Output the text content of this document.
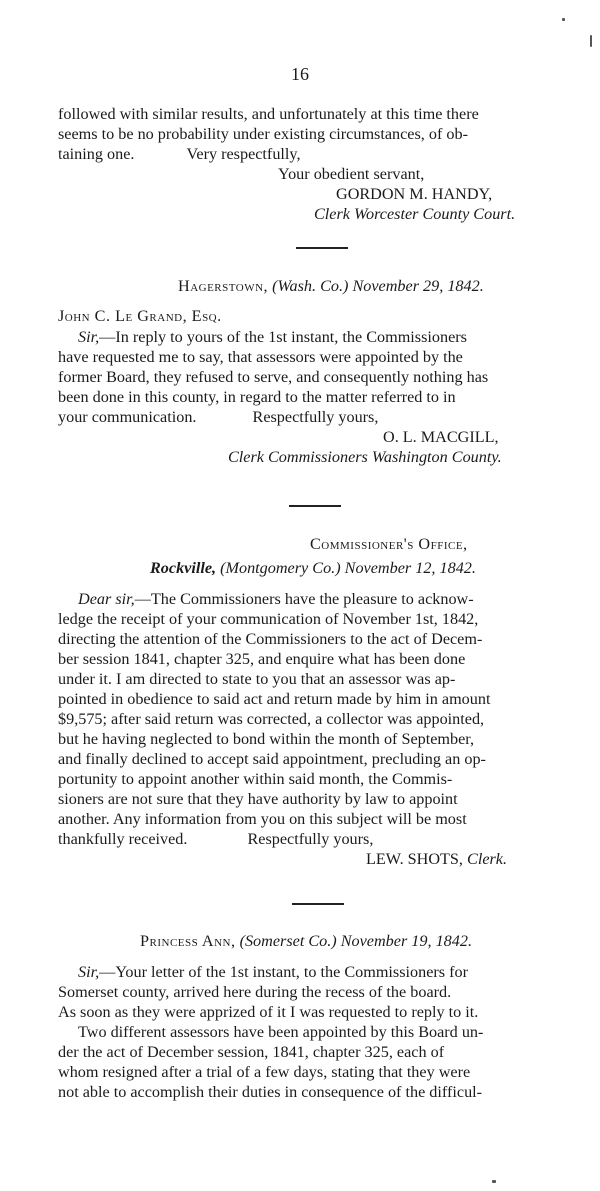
16
followed with similar results, and unfortunately at this time there
seems to be no probability under existing circumstances, of ob-
taining one.	Very respectfully,
Your obedient servant,
GORDON M. HANDY,
Clerk Worcester County Court.
Hagerstown, (Wash. Co.) November 29, 1842.
John C. Le Grand, Esq.
Sir,—In reply to yours of the 1st instant, the Commissioners
have requested me to say, that assessors were appointed by the
former Board, they refused to serve, and consequently nothing has
been done in this county, in regard to the matter referred to in
your communication.	Respectfully yours,
O. L. MACGILL,
Clerk Commissioners Washington County.
Commissioner's Office,
Rockville, (Montgomery Co.) November 12, 1842.
Dear sir,—The Commissioners have the pleasure to acknow-
ledge the receipt of your communication of November 1st, 1842,
directing the attention of the Commissioners to the act of Decem-
ber session 1841, chapter 325, and enquire what has been done
under it. I am directed to state to you that an assessor was ap-
pointed in obedience to said act and return made by him in amount
$9,575; after said return was corrected, a collector was appointed,
but he having neglected to bond within the month of September,
and finally declined to accept said appointment, precluding an op-
portunity to appoint another within said month, the Commis-
sioners are not sure that they have authority by law to appoint
another. Any information from you on this subject will be most
thankfully received.	Respectfully yours,
LEW. SHOTS, Clerk.
Princess Ann, (Somerset Co.) November 19, 1842.
Sir,—Your letter of the 1st instant, to the Commissioners for
Somerset county, arrived here during the recess of the board.
As soon as they were apprized of it I was requested to reply to it.
Two different assessors have been appointed by this Board un-
der the act of December session, 1841, chapter 325, each of
whom resigned after a trial of a few days, stating that they were
not able to accomplish their duties in consequence of the difficul-
